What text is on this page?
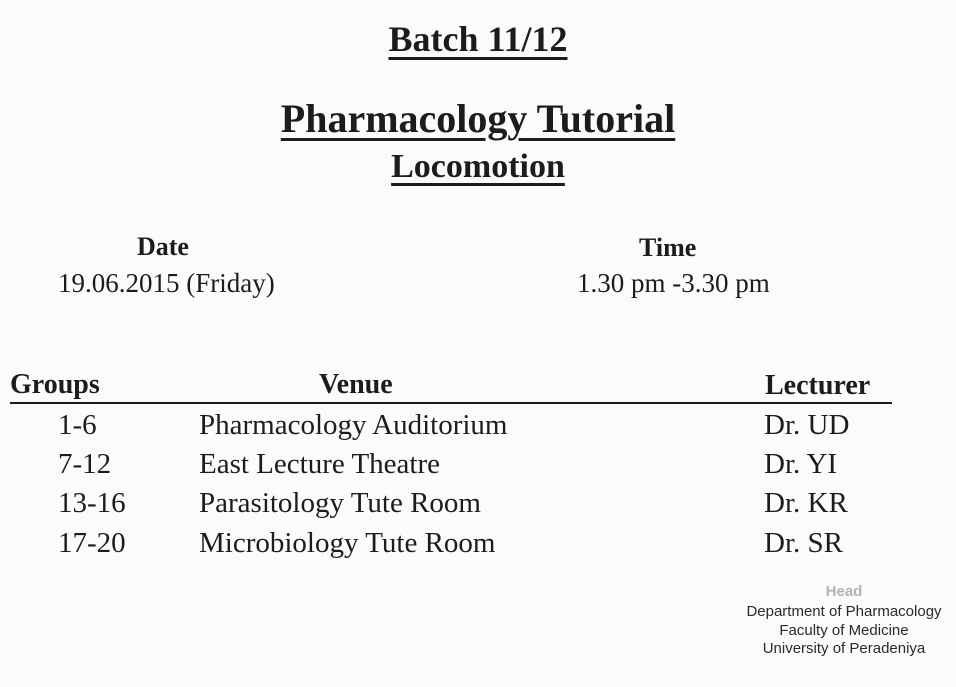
Batch 11/12
Pharmacology Tutorial
Locomotion
Date
19.06.2015 (Friday)
Time
1.30 pm -3.30 pm
Groups	Venue	Lecturer
1-6	Pharmacology Auditorium	Dr. UD
7-12	East Lecture Theatre	Dr. YI
13-16	Parasitology Tute Room	Dr. KR
17-20	Microbiology Tute Room	Dr. SR
Head
Department of Pharmacology
Faculty of Medicine
University of Peradeniya
